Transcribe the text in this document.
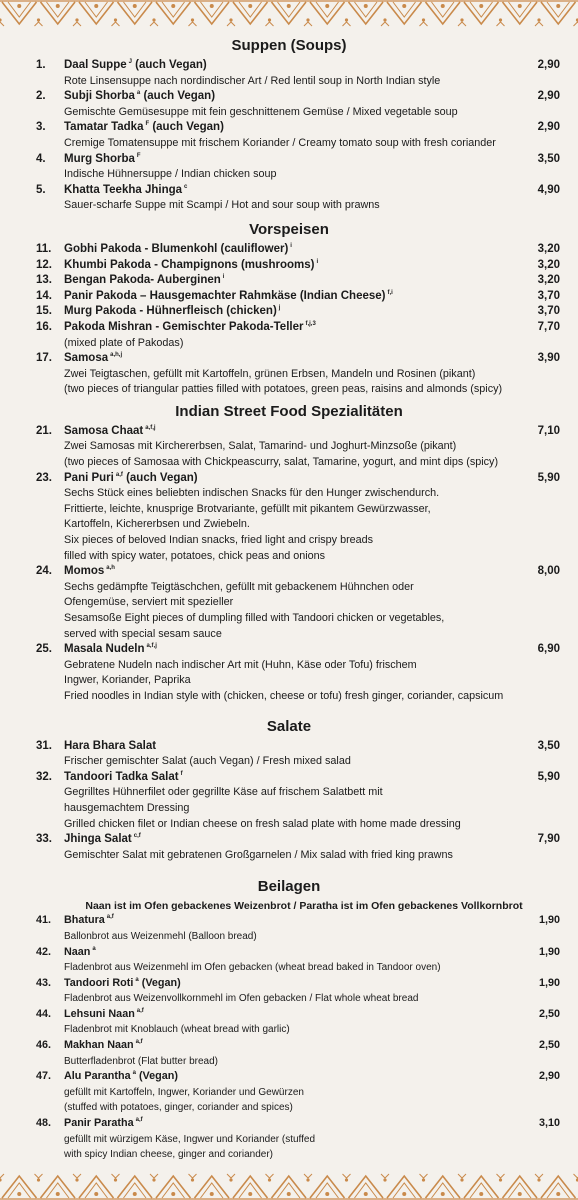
Suppen (Soups)
1. Daal Suppe $^J$ (auch Vegan)	2,90
Rote Linsensuppe nach nordindischer Art / Red lentil soup in North Indian style
2. Subji Shorba $^a$ (auch Vegan)	2,90
Gemischte Gemüsesuppe mit fein geschnittenem Gemüse / Mixed vegetable soup
3. Tamatar Tadka $^F$ (auch Vegan)	2,90
Cremige Tomatensuppe mit frischem Koriander / Creamy tomato soup with fresh coriander
4. Murg Shorba $^F$	3,50
Indische Hühnersuppe / Indian chicken soup
5. Khatta Teekha Jhinga $^c$	4,90
Sauer-scharfe Suppe mit Scampi / Hot and sour soup with prawns
Vorspeisen
11. Gobhi Pakoda - Blumenkohl (cauliflower) $^i$	3,20
12. Khumbi Pakoda - Champignons (mushrooms) $^i$	3,20
13. Bengan Pakoda- Auberginen $^i$	3,20
14. Panir Pakoda – Hausgemachter Rahmkäse (Indian Cheese) $^{f,i}$	3,70
15. Murg Pakoda - Hühnerfleisch (chicken) $^j$	3,70
16. Pakoda Mishran - Gemischter Pakoda-Teller $^{f,j,3}$	7,70
(mixed plate of Pakodas)
17. Samosa $^{a,h,j}$	3,90
Zwei Teigtaschen, gefüllt mit Kartoffeln, grünen Erbsen, Mandeln und Rosinen (pikant)
(two pieces of triangular patties filled with potatoes, green peas, raisins and almonds (spicy)
Indian Street Food Spezialitäten
21. Samosa Chaat $^{a,f,j}$	7,10
Zwei Samosas mit Kirchererbsen, Salat, Tamarind- und Joghurt-Minzsoße (pikant)
(two pieces of Samosaa with Chickpeascurry, salat, Tamarine, yogurt, and mint dips (spicy)
23. Pani Puri $^{a,f}$ (auch Vegan)	5,90
Sechs Stück eines beliebten indischen Snacks für den Hunger zwischendurch.
Frittierte, leichte, knusprige Brotvariante, gefüllt mit pikantem Gewürzwasser,
Kartoffeln, Kichererbsen und Zwiebeln.
Six pieces of beloved Indian snacks, fried light and crispy breads
filled with spicy water, potatoes, chick peas and onions
24. Momos $^{a,h}$	8,00
Sechs gedämpfte Teigtäschchen, gefüllt mit gebackenem Hühnchen oder
Ofengemüse, serviert mit spezieller
Sesamsoße Eight pieces of dumpling filled with Tandoori chicken or vegetables,
served with special sesam sauce
25. Masala Nudeln $^{a,f,j}$	6,90
Gebratene Nudeln nach indischer Art mit (Huhn, Käse oder Tofu) frischem
Ingwer, Koriander, Paprika
Fried noodles in Indian style with (chicken, cheese or tofu) fresh ginger, coriander, capsicum
Salate
31. Hara Bhara Salat	3,50
Frischer gemischter Salat (auch Vegan) / Fresh mixed salad
32. Tandoori Tadka Salat $^f$	5,90
Gegrilltes Hühnerfilet oder gegrillte Käse auf frischem Salatbett mit
hausgemachtem Dressing
Grilled chicken filet or Indian cheese on fresh salad plate with home made dressing
33. Jhinga Salat $^{c,f}$	7,90
Gemischter Salat mit gebratenen Großgarnelen / Mix salad with fried king prawns
Beilagen
Naan ist im Ofen gebackenes Weizenbrot / Paratha ist im Ofen gebackenes Vollkornbrot
41. Bhatura $^{a,f}$	1,90
Ballonbrot aus Weizenmehl (Balloon bread)
42. Naan $^a$	1,90
Fladenbrot aus Weizenmehl im Ofen gebacken (wheat bread baked in Tandoor oven)
43. Tandoori Roti $^a$ (Vegan)	1,90
Fladenbrot aus Weizenvollkornmehl im Ofen gebacken / Flat whole wheat bread
44. Lehsuni Naan $^{a,f}$	2,50
Fladenbrot mit Knoblauch (wheat bread with garlic)
46. Makhan Naan $^{a,f}$	2,50
Butterfladenbrot (Flat butter bread)
47. Alu Parantha $^a$ (Vegan)	2,90
gefüllt mit Kartoffeln, Ingwer, Koriander und Gewürzen
(stuffed with potatoes, ginger, coriander and spices)
48. Panir Paratha $^{a,f}$	3,10
gefüllt mit würzigem Käse, Ingwer und Koriander (stuffed
with spicy Indian cheese, ginger and coriander)
